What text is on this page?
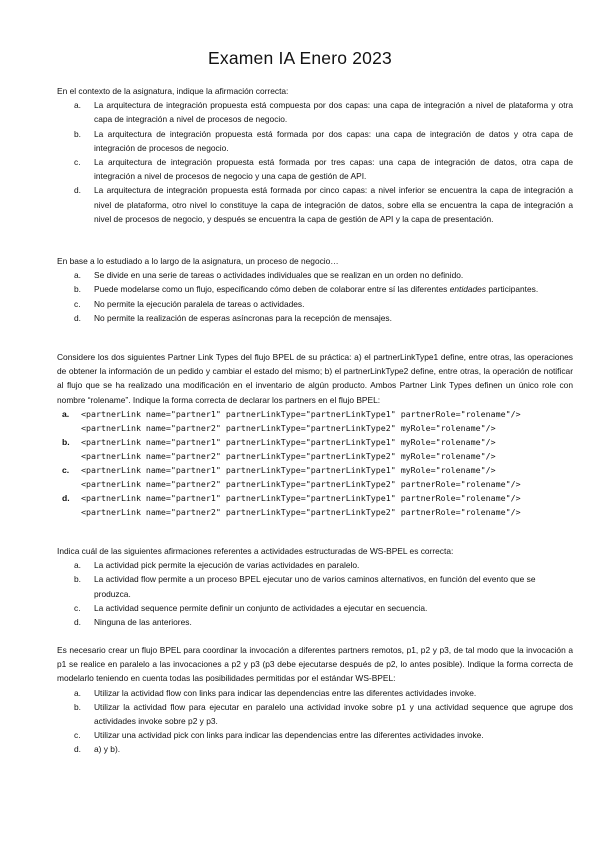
Examen IA Enero 2023

En el contexto de la asignatura, indique la afirmación correcta:

a. La arquitectura de integración propuesta está compuesta por dos capas: una capa de integración a nivel de plataforma y otra capa de integración a nivel de procesos de negocio.
b. La arquitectura de integración propuesta está formada por dos capas: una capa de integración de datos y otra capa de integración de procesos de negocio.
c. La arquitectura de integración propuesta está formada por tres capas: una capa de integración de datos, otra capa de integración a nivel de procesos de negocio y una capa de gestión de API.
d. La arquitectura de integración propuesta está formada por cinco capas: a nivel inferior se encuentra la capa de integración a nivel de plataforma, otro nivel lo constituye la capa de integración de datos, sobre ella se encuentra la capa de integración a nivel de procesos de negocio, y después se encuentra la capa de gestión de API y la capa de presentación.

En base a lo estudiado a lo largo de la asignatura, un proceso de negocio…

a. Se divide en una serie de tareas o actividades individuales que se realizan en un orden no definido.
b. Puede modelarse como un flujo, especificando cómo deben de colaborar entre sí las diferentes entidades participantes.
c. No permite la ejecución paralela de tareas o actividades.
d. No permite la realización de esperas asíncronas para la recepción de mensajes.

Considere los dos siguientes Partner Link Types del flujo BPEL de su práctica: a) el partnerLinkType1 define, entre otras, las operaciones de obtener la información de un pedido y cambiar el estado del mismo; b) el partnerLinkType2 define, entre otras, la operación de notificar al flujo que se ha realizado una modificación en el inventario de algún producto. Ambos Partner Link Types definen un único role con nombre “rolename”. Indique la forma correcta de declarar los partners en el flujo BPEL:

a. <partnerLink name="partner1" partnerLinkType="partnerLinkType1" partnerRole="rolename"/>
<partnerLink name="partner2" partnerLinkType="partnerLinkType2" myRole="rolename"/>
b. <partnerLink name="partner1" partnerLinkType="partnerLinkType1" myRole="rolename"/>
<partnerLink name="partner2" partnerLinkType="partnerLinkType2" myRole="rolename"/>
c. <partnerLink name="partner1" partnerLinkType="partnerLinkType1" myRole="rolename"/>
<partnerLink name="partner2" partnerLinkType="partnerLinkType2" partnerRole="rolename"/>
d. <partnerLink name="partner1" partnerLinkType="partnerLinkType1" partnerRole="rolename"/>
<partnerLink name="partner2" partnerLinkType="partnerLinkType2" partnerRole="rolename"/>

Indica cuál de las siguientes afirmaciones referentes a actividades estructuradas de WS-BPEL es correcta:

a. La actividad pick permite la ejecución de varias actividades en paralelo.
b. La actividad flow permite a un proceso BPEL ejecutar uno de varios caminos alternativos, en función del evento que se produzca.
c. La actividad sequence permite definir un conjunto de actividades a ejecutar en secuencia.
d. Ninguna de las anteriores.

Es necesario crear un flujo BPEL para coordinar la invocación a diferentes partners remotos, p1, p2 y p3, de tal modo que la invocación a p1 se realice en paralelo a las invocaciones a p2 y p3 (p3 debe ejecutarse después de p2, lo antes posible). Indique la forma correcta de modelarlo teniendo en cuenta todas las posibilidades permitidas por el estándar WS-BPEL:

a. Utilizar la actividad flow con links para indicar las dependencias entre las diferentes actividades invoke.
b. Utilizar la actividad flow para ejecutar en paralelo una actividad invoke sobre p1 y una actividad sequence que agrupe dos actividades invoke sobre p2 y p3.
c. Utilizar una actividad pick con links para indicar las dependencias entre las diferentes actividades invoke.
d. a) y b).
